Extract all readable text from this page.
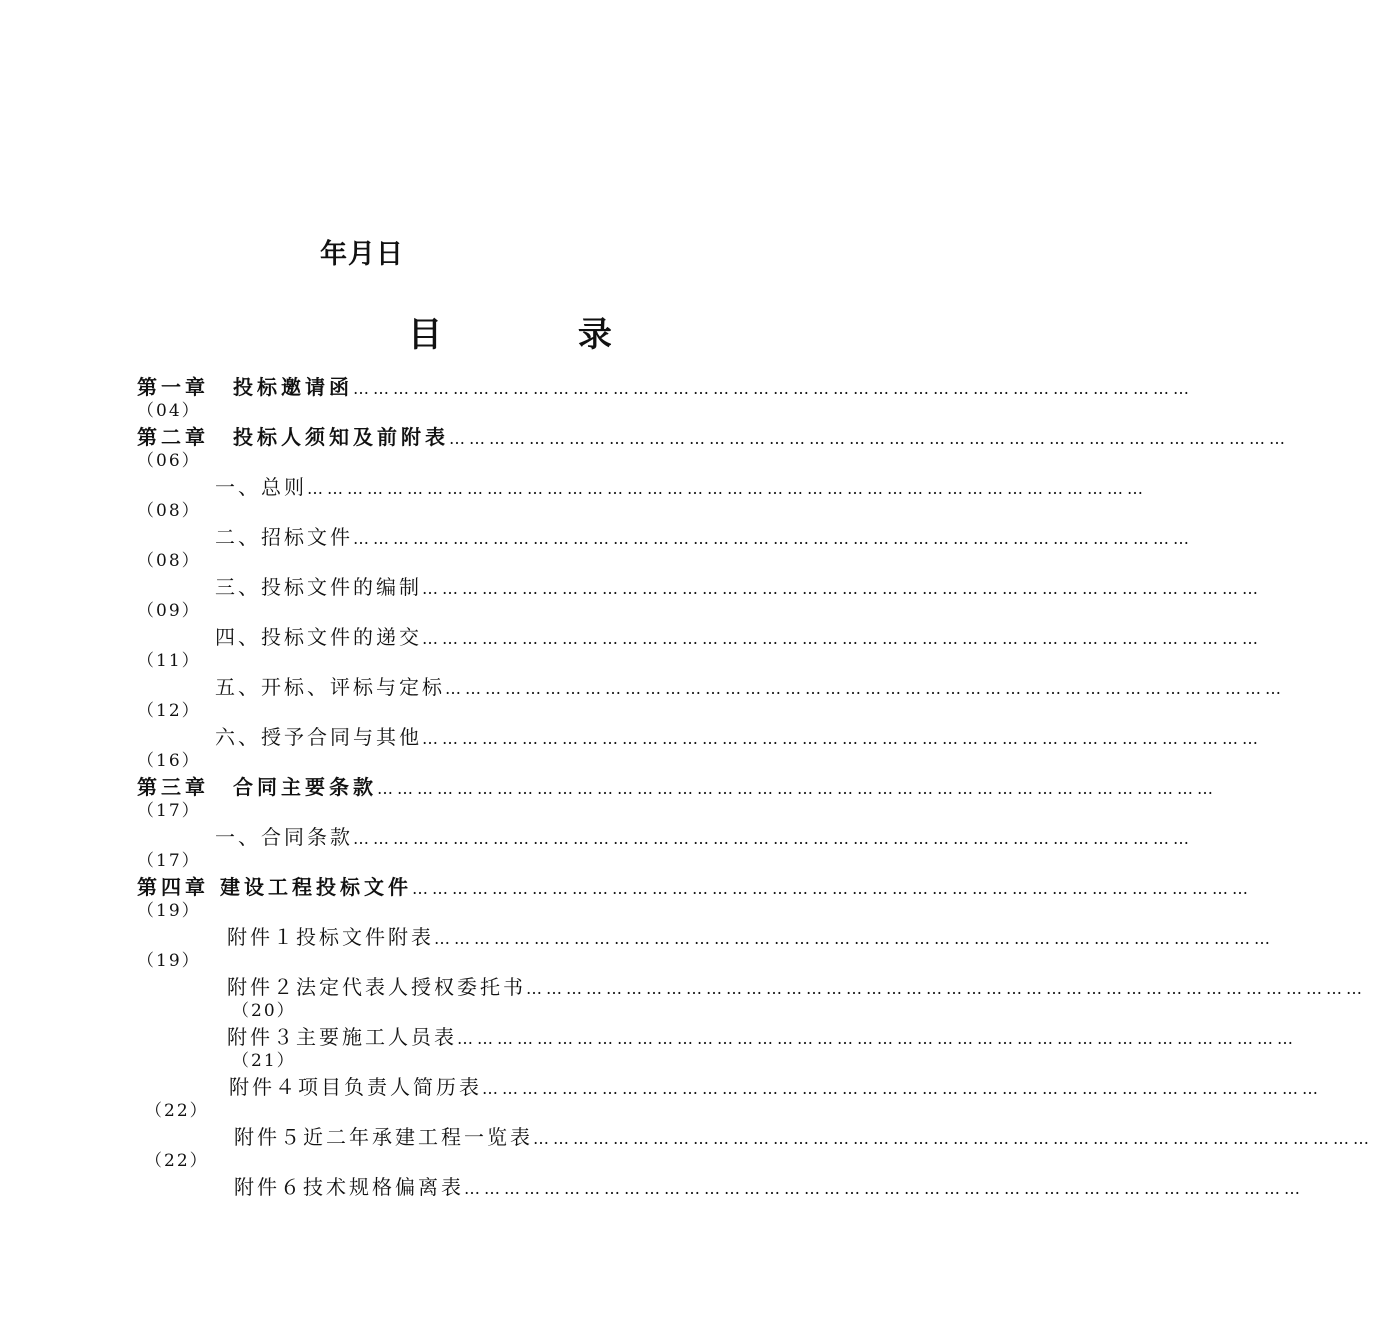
年月日
目 录
第一章　投标邀请函 ………………………………………………………………………………………………………………
（04）
第二章　投标人须知及前附表 ………………………………………………………………………………………………………………
（06）
一、总则 ………………………………………………………………………………………………………………
（08）
二、招标文件 ………………………………………………………………………………………………………………
（08）
三、投标文件的编制 ………………………………………………………………………………………………………………
（09）
四、投标文件的递交 ………………………………………………………………………………………………………………
（11）
五、开标、评标与定标 ………………………………………………………………………………………………………………
（12）
六、授予合同与其他 ………………………………………………………………………………………………………………
（16）
第三章　合同主要条款 ………………………………………………………………………………………………………………
（17）
一、合同条款 ………………………………………………………………………………………………………………
（17）
第四章 建设工程投标文件 ………………………………………………………………………………………………………………
（19）
附件１投标文件附表 ………………………………………………………………………………………………………………
（19）
附件２法定代表人授权委托书 ………………………………………………………………………………………………………………
（20）
附件３主要施工人员表 ………………………………………………………………………………………………………………
（21）
附件４项目负责人简历表 ………………………………………………………………………………………………………………
（22）
附件５近二年承建工程一览表 ………………………………………………………………………………………………………………
（22）
附件６技术规格偏离表 ………………………………………………………………………………………………………………
